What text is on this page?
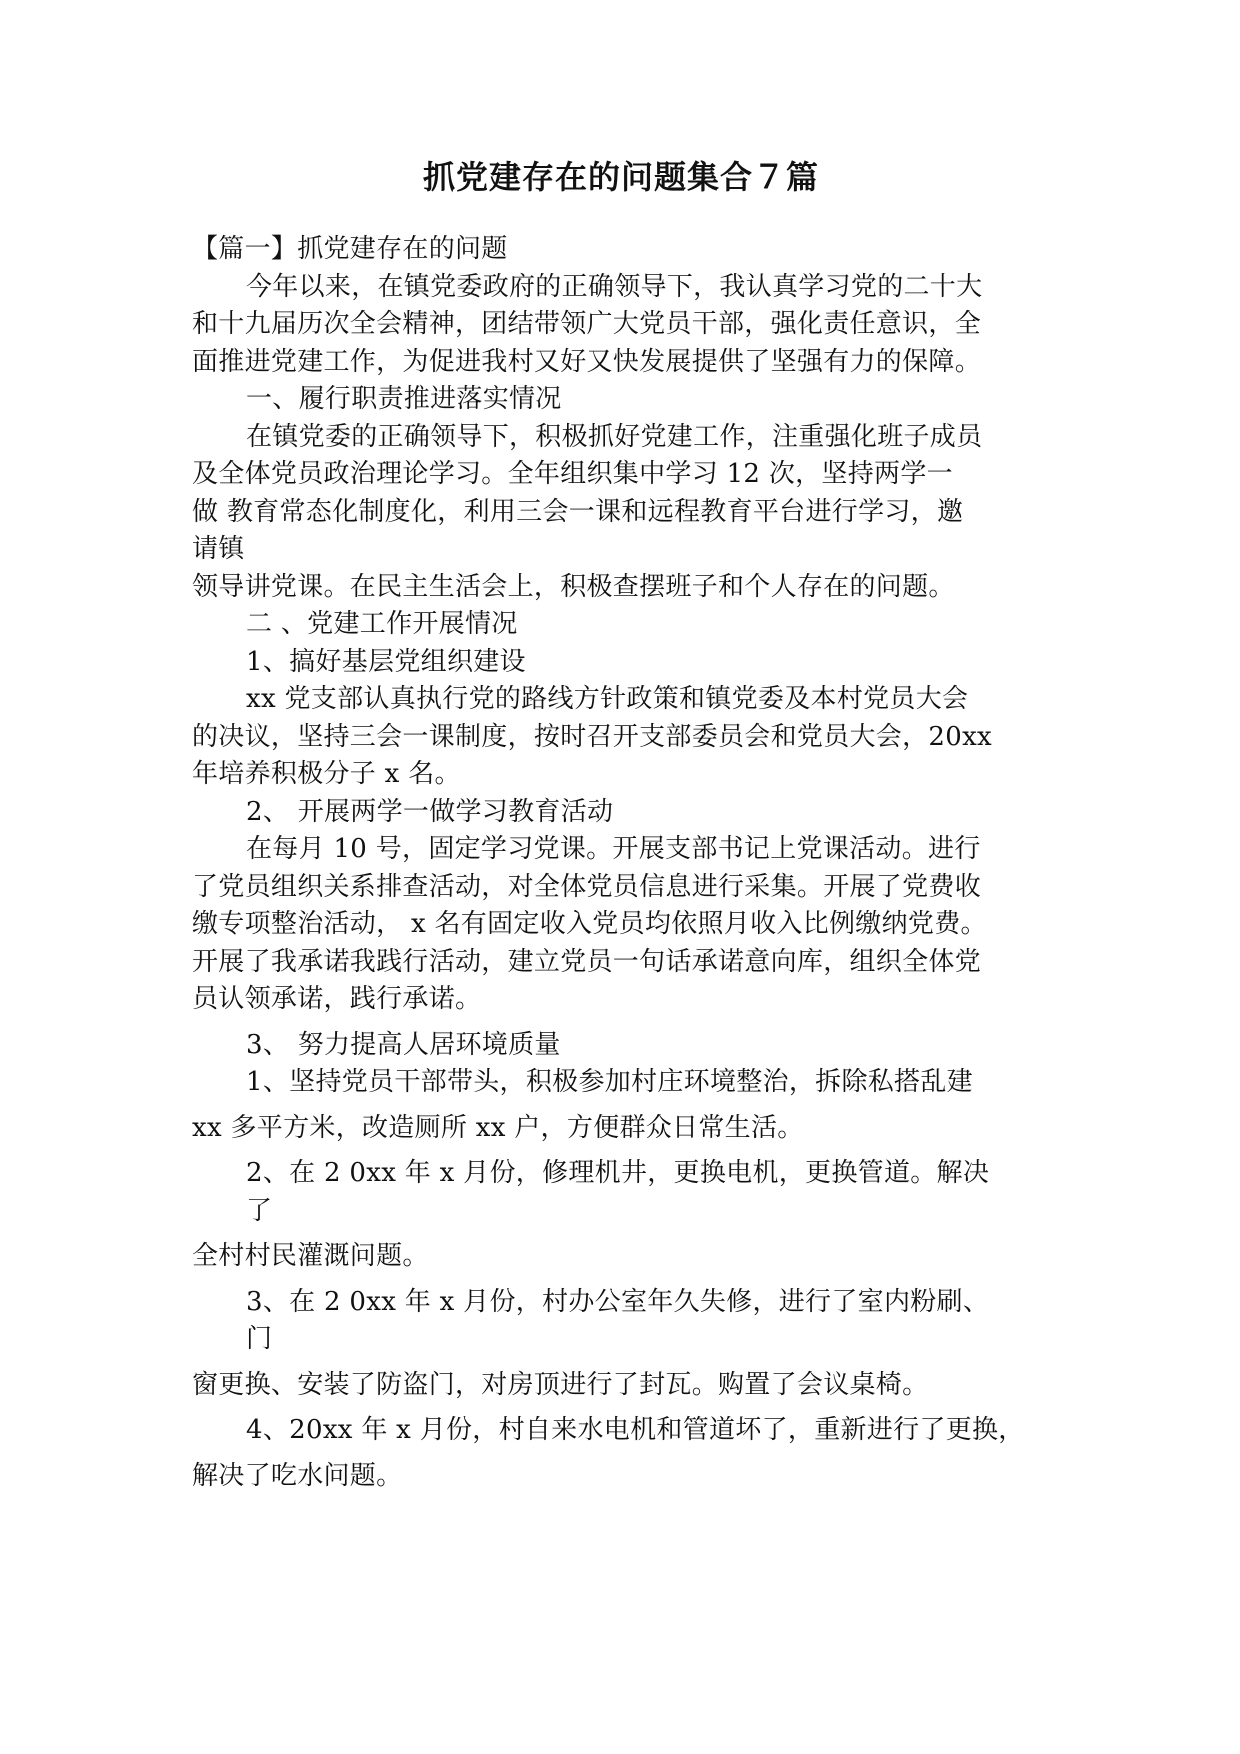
抓党建存在的问题集合７篇
【篇一】抓党建存在的问题
今年以来，在镇党委政府的正确领导下，我认真学习党的二十大
和十九届历次全会精神，团结带领广大党员干部，强化责任意识，全
面推进党建工作，为促进我村又好又快发展提供了坚强有力的保障。
一、履行职责推进落实情况
在镇党委的正确领导下，积极抓好党建工作，注重强化班子成员
及全体党员政治理论学习。全年组织集中学习 12 次，坚持两学一
做 教育常态化制度化，利用三会一课和远程教育平台进行学习，邀
请镇
领导讲党课。在民主生活会上，积极查摆班子和个人存在的问题。
二 、党建工作开展情况
1、搞好基层党组织建设
xx 党支部认真执行党的路线方针政策和镇党委及本村党员大会
的决议，坚持三会一课制度，按时召开支部委员会和党员大会，20xx
年培养积极分子 x 名。
2、 开展两学一做学习教育活动
在每月 10 号，固定学习党课。开展支部书记上党课活动。进行
了党员组织关系排查活动，对全体党员信息进行采集。开展了党费收
缴专项整治活动， x 名有固定收入党员均依照月收入比例缴纳党费。
开展了我承诺我践行活动，建立党员一句话承诺意向库，组织全体党
员认领承诺，践行承诺。
3、 努力提高人居环境质量
1、坚持党员干部带头，积极参加村庄环境整治，拆除私搭乱建
xx 多平方米，改造厕所 xx 户，方便群众日常生活。
2、在 2 0xx 年 x 月份，修理机井，更换电机，更换管道。解决
了
全村村民灌溉问题。
3、在 2 0xx 年 x 月份，村办公室年久失修，进行了室内粉刷、
门
窗更换、安装了防盗门，对房顶进行了封瓦。购置了会议桌椅。
4、20xx 年 x 月份，村自来水电机和管道坏了，重新进行了更换，
解决了吃水问题。
